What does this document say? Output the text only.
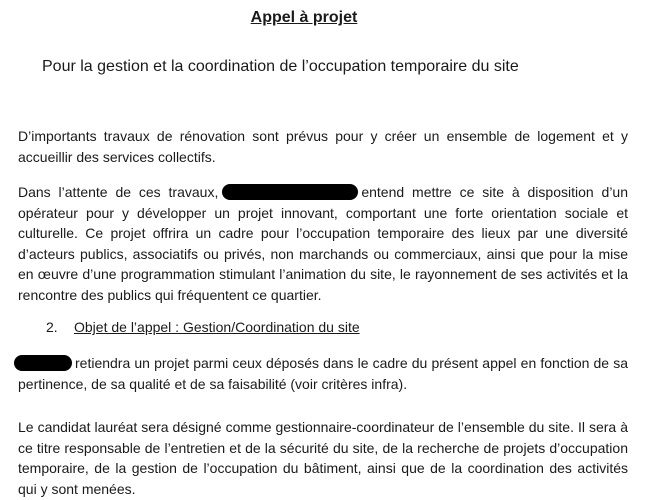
Appel à projet
Pour la gestion et la coordination de l’occupation temporaire du site

D’importants travaux de rénovation sont prévus pour y créer un ensemble de logement et y accueillir des services collectifs.

Dans l’attente de ces travaux,	entend mettre ce site à disposition d’un opérateur pour y développer un projet innovant, comportant une forte orientation sociale et culturelle. Ce projet offrira un cadre pour l’occupation temporaire des lieux par une diversité d’acteurs publics, associatifs ou privés, non marchands ou commerciaux, ainsi que pour la mise en œuvre d’une programmation stimulant l’animation du site, le rayonnement de ses activités et la rencontre des publics qui fréquentent ce quartier.

2. Objet de l’appel : Gestion/Coordination du site

retiendra un projet parmi ceux déposés dans le cadre du présent appel en fonction de sa pertinence, de sa qualité et de sa faisabilité (voir critères infra).

Le candidat lauréat sera désigné comme gestionnaire-coordinateur de l’ensemble du site. Il sera à ce titre responsable de l’entretien et de la sécurité du site, de la recherche de projets d’occupation temporaire, de la gestion de l’occupation du bâtiment, ainsi que de la coordination des activités qui y sont menées.
